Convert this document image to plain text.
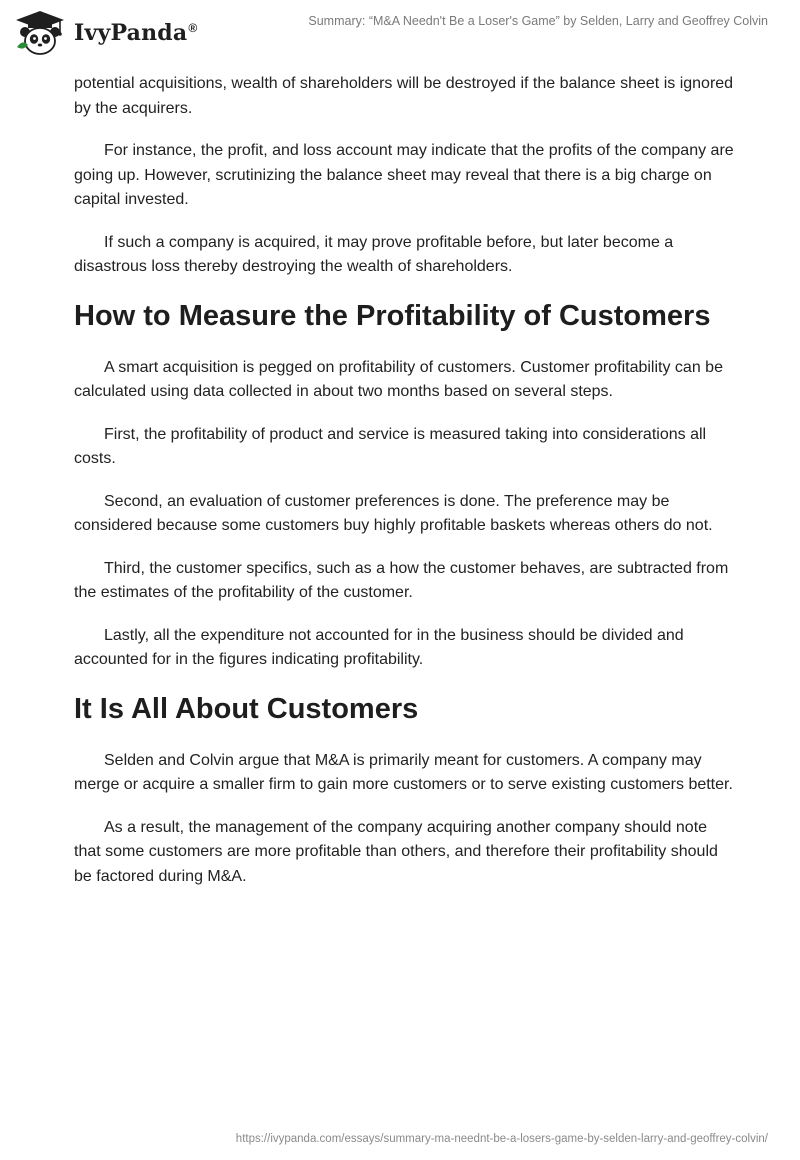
IvyPanda®	Summary: “M&A Needn't Be a Loser's Game” by Selden, Larry and Geoffrey Colvin

potential acquisitions, wealth of shareholders will be destroyed if the balance sheet is ignored by the acquirers.

For instance, the profit, and loss account may indicate that the profits of the company are going up. However, scrutinizing the balance sheet may reveal that there is a big charge on capital invested.

If such a company is acquired, it may prove profitable before, but later become a disastrous loss thereby destroying the wealth of shareholders.

How to Measure the Profitability of Customers

A smart acquisition is pegged on profitability of customers. Customer profitability can be calculated using data collected in about two months based on several steps.

First, the profitability of product and service is measured taking into considerations all costs.

Second, an evaluation of customer preferences is done. The preference may be considered because some customers buy highly profitable baskets whereas others do not.

Third, the customer specifics, such as a how the customer behaves, are subtracted from the estimates of the profitability of the customer.

Lastly, all the expenditure not accounted for in the business should be divided and accounted for in the figures indicating profitability.

It Is All About Customers

Selden and Colvin argue that M&A is primarily meant for customers. A company may merge or acquire a smaller firm to gain more customers or to serve existing customers better.

As a result, the management of the company acquiring another company should note that some customers are more profitable than others, and therefore their profitability should be factored during M&A.

https://ivypanda.com/essays/summary-ma-neednt-be-a-losers-game-by-selden-larry-and-geoffrey-colvin/
